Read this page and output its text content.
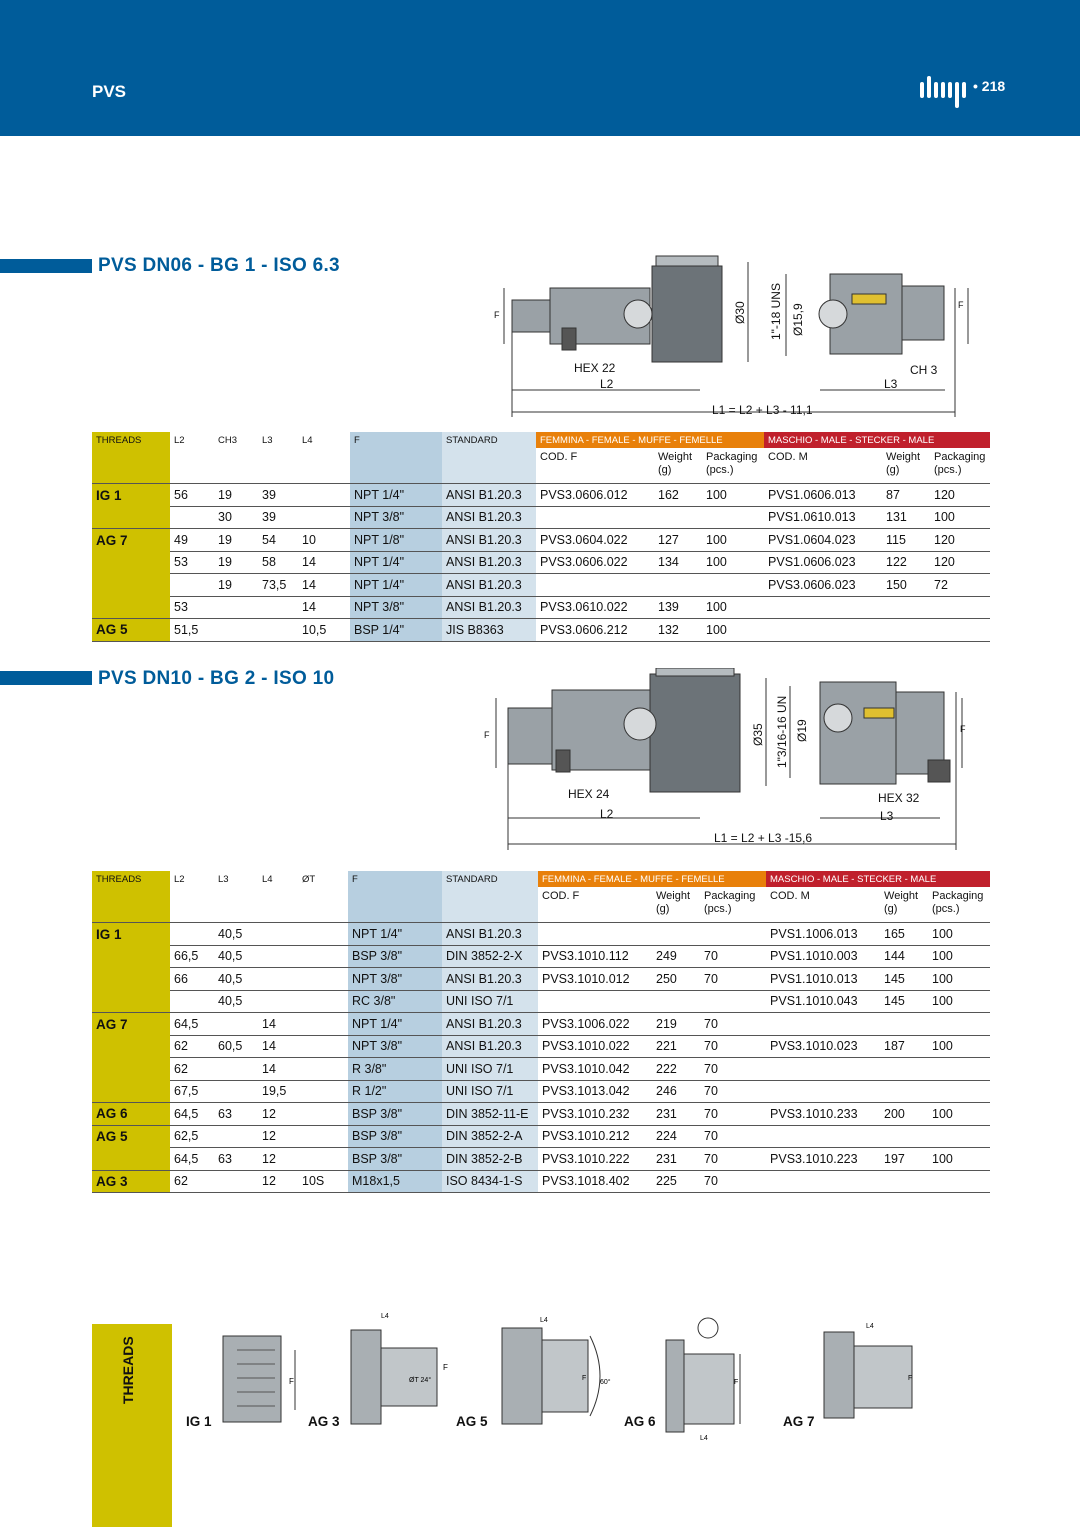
PVS	• 218
PVS DN06 - BG 1 - ISO 6.3
F
F
Ø30 1"-18 UNS Ø15,9
HEX 22
L2
CH 3
L3
L1 = L2 + L3 - 11,1
THREADS	L2	CH3	L3	L4	F	STANDARD	FEMMINA - FEMALE - MUFFE - FEMELLE			MASCHIO - MALE - STECKER - MALE		
							COD. F	Weight
(g)	Packaging
(pcs.)	COD. M	Weight
(g)	Packaging
(pcs.)
IG 1	56	19	39		NPT 1/4"	ANSI B1.20.3	PVS3.0606.012	162	100	PVS1.0606.013	87	120
		30	39		NPT 3/8"	ANSI B1.20.3				PVS1.0610.013	131	100
AG 7	49	19	54	10	NPT 1/8"	ANSI B1.20.3	PVS3.0604.022	127	100	PVS1.0604.023	115	120
	53	19	58	14	NPT 1/4"	ANSI B1.20.3	PVS3.0606.022	134	100	PVS1.0606.023	122	120
		19	73,5	14	NPT 1/4"	ANSI B1.20.3				PVS3.0606.023	150	72
	53			14	NPT 3/8"	ANSI B1.20.3	PVS3.0610.022	139	100			
AG 5	51,5			10,5	BSP 1/4"	JIS B8363	PVS3.0606.212	132	100			
PVS DN10 - BG 2 - ISO 10
F
F
Ø35 1"3/16-16 UN Ø19
HEX 24
L2
HEX 32
L3
L1 = L2 + L3 -15,6
THREADS	L2	L3	L4	ØT	F	STANDARD	FEMMINA - FEMALE - MUFFE - FEMELLE			MASCHIO - MALE - STECKER - MALE		
							COD. F	Weight
(g)	Packaging
(pcs.)	COD. M	Weight
(g)	Packaging
(pcs.)
IG 1		40,5			NPT 1/4"	ANSI B1.20.3				PVS1.1006.013	165	100
	66,5	40,5			BSP 3/8"	DIN 3852-2-X	PVS3.1010.112	249	70	PVS1.1010.003	144	100
	66	40,5			NPT 3/8"	ANSI B1.20.3	PVS3.1010.012	250	70	PVS1.1010.013	145	100
		40,5			RC 3/8"	UNI ISO 7/1				PVS1.1010.043	145	100
AG 7	64,5		14		NPT 1/4"	ANSI B1.20.3	PVS3.1006.022	219	70			
	62	60,5	14		NPT 3/8"	ANSI B1.20.3	PVS3.1010.022	221	70	PVS3.1010.023	187	100
	62		14		R 3/8"	UNI ISO 7/1	PVS3.1010.042	222	70			
	67,5		19,5		R 1/2"	UNI ISO 7/1	PVS3.1013.042	246	70			
AG 6	64,5	63	12		BSP 3/8"	DIN 3852-11-E	PVS3.1010.232	231	70	PVS3.1010.233	200	100
AG 5	62,5		12		BSP 3/8"	DIN 3852-2-A	PVS3.1010.212	224	70			
	64,5	63	12		BSP 3/8"	DIN 3852-2-B	PVS3.1010.222	231	70	PVS3.1010.223	197	100
AG 3	62		12	10S	M18x1,5	ISO 8434-1-S	PVS3.1018.402	225	70			
THREADS	F
L4
F
ØT 24°
L4
F
60°	F
L4
L4
F
IG 1	AG 3	AG 5	AG 6	AG 7
